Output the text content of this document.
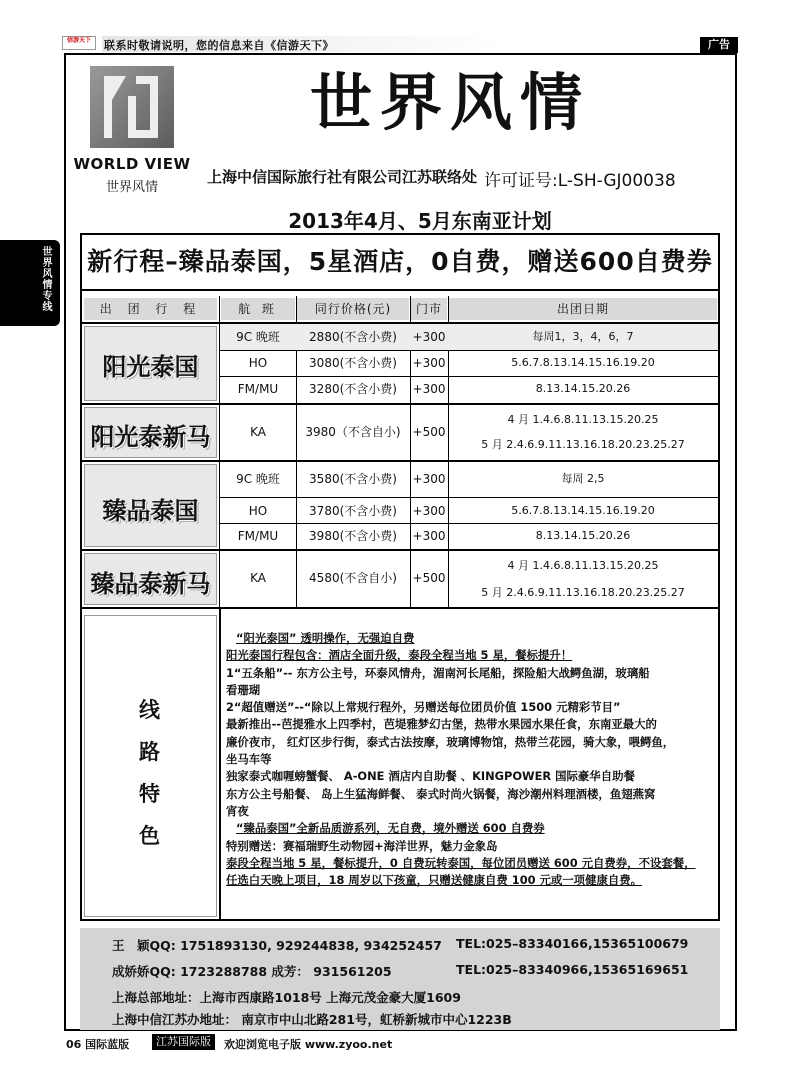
信游天下	联系时敬请说明，您的信息来自《信游天下》	广告
世界风情专线
WORLD VIEW
世界风情
世界风情
上海中信国际旅行社有限公司江苏联络处 许可证号:L-SH-GJ00038
2013年4月、5月东南亚计划
新行程–臻品泰国，5星酒店，0自费，赠送600自费券
出 团 行 程	航 班	同行价格(元)	门市	出团日期
阳光泰国
9C 晚班	2880(不含小费)	+300	每周1，3，4，6，7
HO	3080(不含小费)	+300	5.6.7.8.13.14.15.16.19.20
FM/MU	3280(不含小费)	+300	8.13.14.15.20.26
阳光泰新马	KA	3980（不含自小) +500
4 月 1.4.6.8.11.13.15.20.25
5 月 2.4.6.9.11.13.16.18.20.23.25.27
臻品泰国
9C 晚班	3580(不含小费)	+300	每周 2,5
HO	3780(不含小费)	+300	5.6.7.8.13.14.15.16.19.20
FM/MU	3980(不含小费)	+300	8.13.14.15.20.26
臻品泰新马	KA	4580(不含自小)	+500
4 月 1.4.6.8.11.13.15.20.25
5 月 2.4.6.9.11.13.16.18.20.23.25.27
线
路
特
色
“阳光泰国” 透明操作，无强迫自费
阳光泰国行程包含：酒店全面升级，泰段全程当地 5 星，餐标提升！
1“五条船”-- 东方公主号，环泰风情舟，湄南河长尾船，探险船大战鳄鱼湖，玻璃船
看珊瑚
2“超值赠送”--“除以上常规行程外，另赠送每位团员价值 1500 元精彩节目”
最新推出--芭提雅水上四季村，芭堤雅梦幻古堡，热带水果园水果任食，东南亚最大的
廉价夜市， 红灯区步行街，泰式古法按摩，玻璃博物馆，热带兰花园，骑大象，喂鳄鱼，
坐马车等
独家泰式咖喱螃蟹餐、 A-ONE 酒店内自助餐 、KINGPOWER 国际豪华自助餐
东方公主号船餐、 岛上生猛海鲜餐、 泰式时尚火锅餐，海沙潮州料理酒楼，鱼翅燕窝
宵夜
“臻品泰国”全新品质游系列，无自费，境外赠送 600 自费券
特别赠送：赛福瑞野生动物园+海洋世界，魅力金象岛
泰段全程当地 5 星，餐标提升，0 自费玩转泰国，每位团员赠送 600 元自费券，不设套餐，
任选白天晚上项目，18 周岁以下孩童，只赠送健康自费 100 元或一项健康自费。
王　颖QQ: 1751893130, 929244838, 934252457 TEL:025–83340166,15365100679
成娇娇QQ: 1723288788 成芳： 931561205	TEL:025–83340966,15365169651
上海总部地址：上海市西康路1018号 上海元茂金豪大厦1609
上海中信江苏办地址： 南京市中山北路281号，虹桥新城市中心1223B
06 国际蓝版	江苏国际版	欢迎浏览电子版 www.zyoo.net
